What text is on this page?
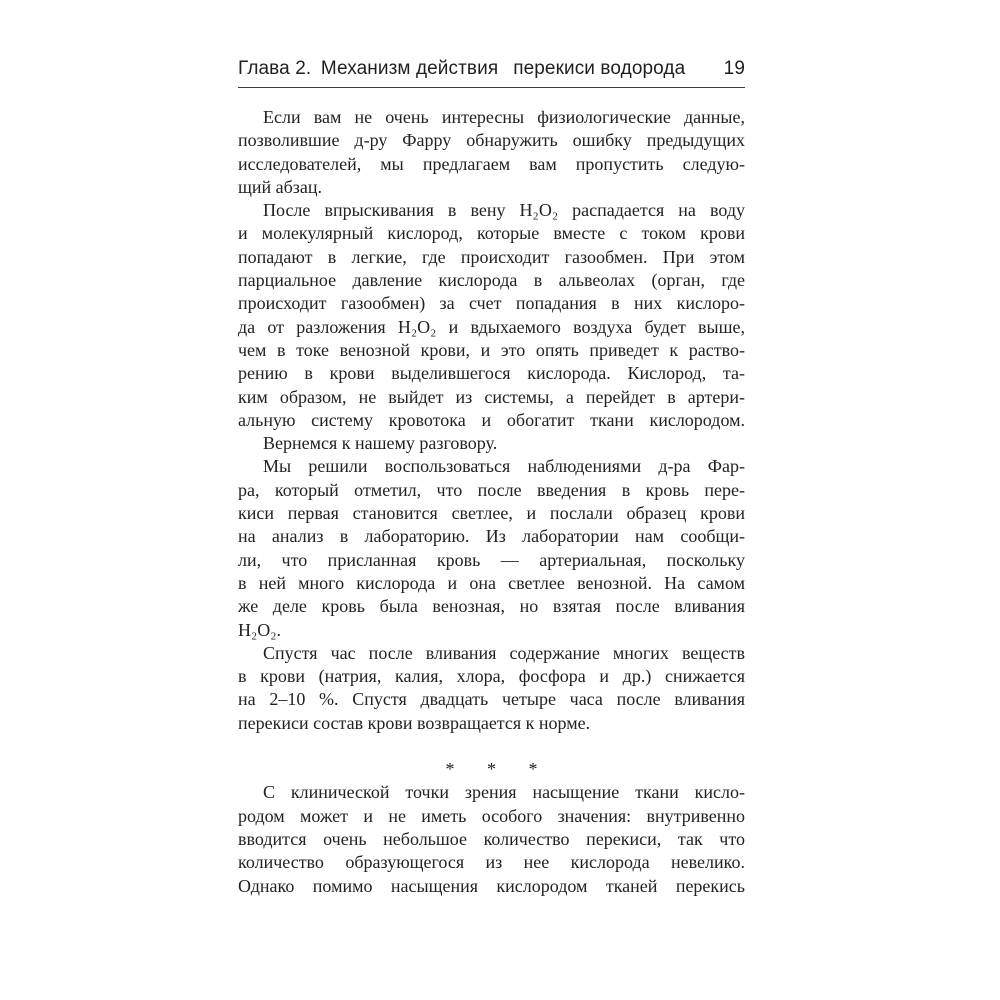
Глава 2. Механизм действия  перекиси водорода 19
Если вам не очень интересны физиологические данные,
позволившие д-ру Фарру обнаружить ошибку предыдущих
исследователей, мы предлагаем вам пропустить следую-
щий абзац.
После впрыскивания в вену H₂O₂ распадается на воду
и молекулярный кислород, которые вместе с током крови
попадают в легкие, где происходит газообмен. При этом
парциальное давление кислорода в альвеолах (орган, где
происходит газообмен) за счет попадания в них кислоро-
да от разложения H₂O₂ и вдыхаемого воздуха будет выше,
чем в токе венозной крови, и это опять приведет к раство-
рению в крови выделившегося кислорода. Кислород, та-
ким образом, не выйдет из системы, а перейдет в артери-
альную систему кровотока и обогатит ткани кислородом.
Вернемся к нашему разговору.
Мы решили воспользоваться наблюдениями д-ра Фар-
ра, который отметил, что после введения в кровь пере-
киси первая становится светлее, и послали образец крови
на анализ в лабораторию. Из лаборатории нам сообщи-
ли, что присланная кровь — артериальная, поскольку
в ней много кислорода и она светлее венозной. На самом
же деле кровь была венозная, но взятая после вливания
H₂O₂.
Спустя час после вливания содержание многих веществ
в крови (натрия, калия, хлора, фосфора и др.) снижается
на 2–10 %. Спустя двадцать четыре часа после вливания
перекиси состав крови возвращается к норме.
* * *
С клинической точки зрения насыщение ткани кисло-
родом может и не иметь особого значения: внутривенно
вводится очень небольшое количество перекиси, так что
количество образующегося из нее кислорода невелико.
Однако помимо насыщения кислородом тканей перекись
